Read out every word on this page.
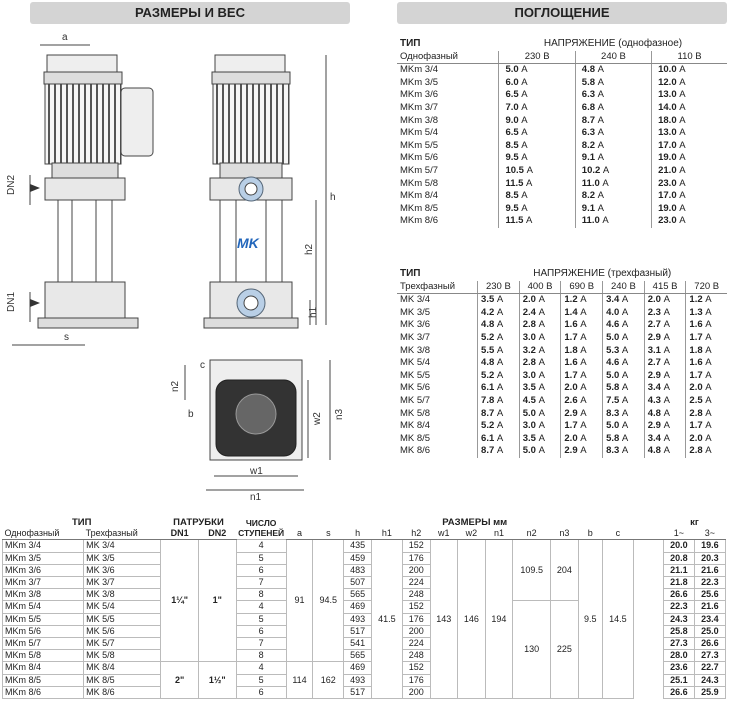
РАЗМЕРЫ И ВЕС	ПОГЛОЩЕНИЕ
a
DN2
DN1
s
h
h2
h1
n2
c
b	w2 n3
w1
n1
MK
ТИП	НАПРЯЖЕНИЕ (однофазное)		
Однофазный	230 В	240 В	110 В
MKm 3/4	5.0 А	4.8 А	10.0 А
MKm 3/5	6.0 А	5.8 А	12.0 А
MKm 3/6	6.5 А	6.3 А	13.0 А
MKm 3/7	7.0 А	6.8 А	14.0 А
MKm 3/8	9.0 А	8.7 А	18.0 А
MKm 5/4	6.5 А	6.3 А	13.0 А
MKm 5/5	8.5 А	8.2 А	17.0 А
MKm 5/6	9.5 А	9.1 А	19.0 А
MKm 5/7	10.5 А	10.2 А	21.0 А
MKm 5/8	11.5 А	11.0 А	23.0 А
MKm 8/4	8.5 А	8.2 А	17.0 А
MKm 8/5	9.5 А	9.1 А	19.0 А
MKm 8/6	11.5 А	11.0 А	23.0 А
ТИП	НАПРЯЖЕНИЕ (трехфазный)					
Трехфазный	230 В	400 В	690 В	240 В	415 В	720 В
MK 3/4	3.5 А	2.0 А	1.2 А	3.4 А	2.0 А	1.2 А
MK 3/5	4.2 А	2.4 А	1.4 А	4.0 А	2.3 А	1.3 А
MK 3/6	4.8 А	2.8 А	1.6 А	4.6 А	2.7 А	1.6 А
MK 3/7	5.2 А	3.0 А	1.7 А	5.0 А	2.9 А	1.7 А
MK 3/8	5.5 А	3.2 А	1.8 А	5.3 А	3.1 А	1.8 А
MK 5/4	4.8 А	2.8 А	1.6 А	4.6 А	2.7 А	1.6 А
MK 5/5	5.2 А	3.0 А	1.7 А	5.0 А	2.9 А	1.7 А
MK 5/6	6.1 А	3.5 А	2.0 А	5.8 А	3.4 А	2.0 А
MK 5/7	7.8 А	4.5 А	2.6 А	7.5 А	4.3 А	2.5 А
MK 5/8	8.7 А	5.0 А	2.9 А	8.3 А	4.8 А	2.8 А
MK 8/4	5.2 А	3.0 А	1.7 А	5.0 А	2.9 А	1.7 А
MK 8/5	6.1 А	3.5 А	2.0 А	5.8 А	3.4 А	2.0 А
MK 8/6	8.7 А	5.0 А	2.9 А	8.3 А	4.8 А	2.8 А
ТИП		ПАТРУБКИ		ЧИСЛО СТУПЕНЕЙ	РАЗМЕРЫ мм													кг	
Однофазный	Трехфазный	DN1	DN2		a	s	h	h1	h2	w1	w2	n1	n2	n3	b	c		1~	3~
MKm 3/4	MK 3/4	1¼"	1"	4	91	94.5	435	41.5	152	143	146	194	109.5	204	9.5	14.5		20.0	19.6
MKm 3/5	MK 3/5			5			459		176									20.8	20.3
MKm 3/6	MK 3/6			6			483		200									21.1	21.6
MKm 3/7	MK 3/7			7			507		224									21.8	22.3
MKm 3/8	MK 3/8			8			565		248									26.6	25.6
MKm 5/4	MK 5/4			4			469		152				130	225				22.3	21.6
MKm 5/5	MK 5/5			5			493		176									24.3	23.4
MKm 5/6	MK 5/6			6			517		200									25.8	25.0
MKm 5/7	MK 5/7			7			541		224									27.3	26.6
MKm 5/8	MK 5/8			8			565		248									28.0	27.3
MKm 8/4	MK 8/4	2"	1½"	4	114	162	469		152									23.6	22.7
MKm 8/5	MK 8/5			5			493		176									25.1	24.3
MKm 8/6	MK 8/6			6			517		200									26.6	25.9
